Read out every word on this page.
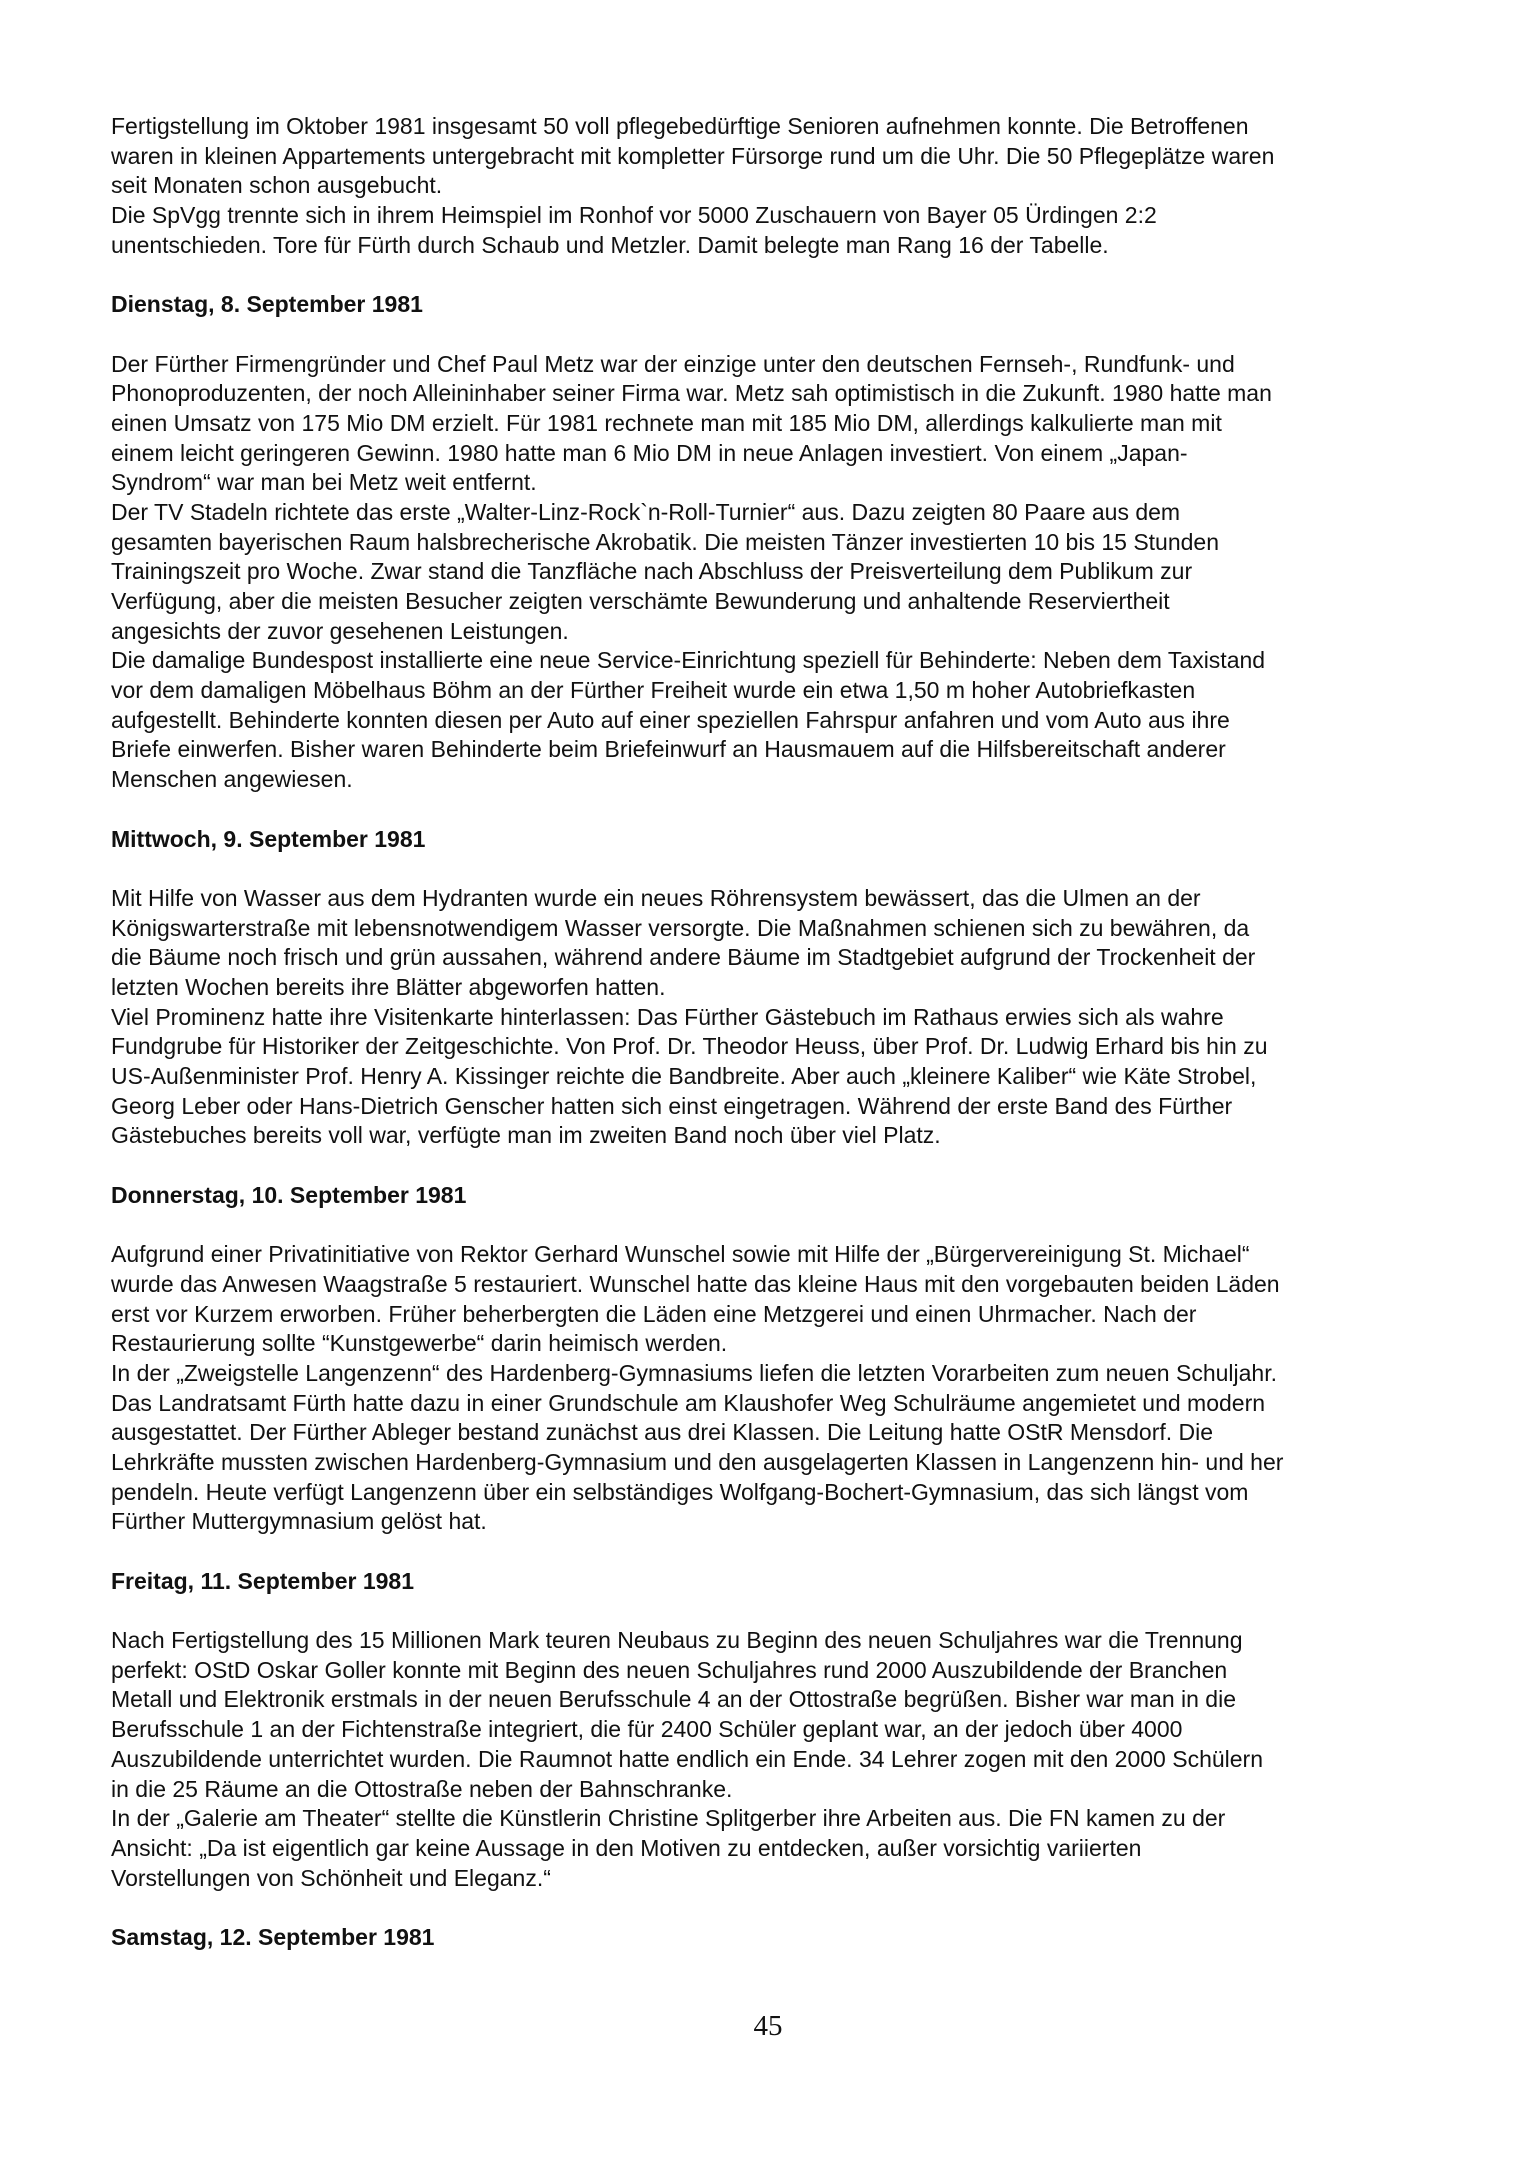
Fertigstellung im Oktober 1981 insgesamt 50 voll pflegebedürftige Senioren aufnehmen konnte. Die Betroffenen
waren in kleinen Appartements untergebracht mit kompletter Fürsorge rund um die Uhr. Die 50 Pflegeplätze waren
seit Monaten schon ausgebucht.
Die SpVgg trennte sich in ihrem Heimspiel im Ronhof vor 5000 Zuschauern von Bayer 05 Ürdingen 2:2
unentschieden. Tore für Fürth durch Schaub und Metzler. Damit belegte man Rang 16 der Tabelle.
Dienstag, 8. September 1981
Der Fürther Firmengründer und Chef Paul Metz war der einzige unter den deutschen Fernseh-, Rundfunk- und
Phonoproduzenten, der noch Alleininhaber seiner Firma war. Metz sah optimistisch in die Zukunft. 1980 hatte man
einen Umsatz von 175 Mio DM erzielt. Für 1981 rechnete man mit 185 Mio DM, allerdings kalkulierte man mit
einem leicht geringeren Gewinn. 1980 hatte man 6 Mio DM in neue Anlagen investiert. Von einem „Japan-
Syndrom“ war man bei Metz weit entfernt.
Der TV Stadeln richtete das erste „Walter-Linz-Rock`n-Roll-Turnier“ aus. Dazu zeigten 80 Paare aus dem
gesamten bayerischen Raum halsbrecherische Akrobatik. Die meisten Tänzer investierten 10 bis 15 Stunden
Trainingszeit pro Woche. Zwar stand die Tanzfläche nach Abschluss der Preisverteilung dem Publikum zur
Verfügung, aber die meisten Besucher zeigten verschämte Bewunderung und anhaltende Reserviertheit
angesichts der zuvor gesehenen Leistungen.
Die damalige Bundespost installierte eine neue Service-Einrichtung speziell für Behinderte: Neben dem Taxistand
vor dem damaligen Möbelhaus Böhm an der Fürther Freiheit wurde ein etwa 1,50 m hoher Autobriefkasten
aufgestellt. Behinderte konnten diesen per Auto auf einer speziellen Fahrspur anfahren und vom Auto aus ihre
Briefe einwerfen. Bisher waren Behinderte beim Briefeinwurf an Hausmauem auf die Hilfsbereitschaft anderer
Menschen angewiesen.
Mittwoch, 9. September 1981
Mit Hilfe von Wasser aus dem Hydranten wurde ein neues Röhrensystem bewässert, das die Ulmen an der
Königswarterstraße mit lebensnotwendigem Wasser versorgte. Die Maßnahmen schienen sich zu bewähren, da
die Bäume noch frisch und grün aussahen, während andere Bäume im Stadtgebiet aufgrund der Trockenheit der
letzten Wochen bereits ihre Blätter abgeworfen hatten.
Viel Prominenz hatte ihre Visitenkarte hinterlassen: Das Fürther Gästebuch im Rathaus erwies sich als wahre
Fundgrube für Historiker der Zeitgeschichte. Von Prof. Dr. Theodor Heuss, über Prof. Dr. Ludwig Erhard bis hin zu
US-Außenminister Prof. Henry A. Kissinger reichte die Bandbreite. Aber auch „kleinere Kaliber“ wie Käte Strobel,
Georg Leber oder Hans-Dietrich Genscher hatten sich einst eingetragen. Während der erste Band des Fürther
Gästebuches bereits voll war, verfügte man im zweiten Band noch über viel Platz.
Donnerstag, 10. September 1981
Aufgrund einer Privatinitiative von Rektor Gerhard Wunschel sowie mit Hilfe der „Bürgervereinigung St. Michael“
wurde das Anwesen Waagstraße 5 restauriert. Wunschel hatte das kleine Haus mit den vorgebauten beiden Läden
erst vor Kurzem erworben. Früher beherbergten die Läden eine Metzgerei und einen Uhrmacher. Nach der
Restaurierung sollte “Kunstgewerbe“ darin heimisch werden.
In der „Zweigstelle Langenzenn“ des Hardenberg-Gymnasiums liefen die letzten Vorarbeiten zum neuen Schuljahr.
Das Landratsamt Fürth hatte dazu in einer Grundschule am Klaushofer Weg Schulräume angemietet und modern
ausgestattet. Der Fürther Ableger bestand zunächst aus drei Klassen. Die Leitung hatte OStR Mensdorf. Die
Lehrkräfte mussten zwischen Hardenberg-Gymnasium und den ausgelagerten Klassen in Langenzenn hin- und her
pendeln. Heute verfügt Langenzenn über ein selbständiges Wolfgang-Bochert-Gymnasium, das sich längst vom
Fürther Muttergymnasium gelöst hat.
Freitag, 11. September 1981
Nach Fertigstellung des 15 Millionen Mark teuren Neubaus zu Beginn des neuen Schuljahres war die Trennung
perfekt: OStD Oskar Goller konnte mit Beginn des neuen Schuljahres rund 2000 Auszubildende der Branchen
Metall und Elektronik erstmals in der neuen Berufsschule 4 an der Ottostraße begrüßen. Bisher war man in die
Berufsschule 1 an der Fichtenstraße integriert, die für 2400 Schüler geplant war, an der jedoch über 4000
Auszubildende unterrichtet wurden. Die Raumnot hatte endlich ein Ende. 34 Lehrer zogen mit den 2000 Schülern
in die 25 Räume an die Ottostraße neben der Bahnschranke.
In der „Galerie am Theater“ stellte die Künstlerin Christine Splitgerber ihre Arbeiten aus. Die FN kamen zu der
Ansicht: „Da ist eigentlich gar keine Aussage in den Motiven zu entdecken, außer vorsichtig variierten
Vorstellungen von Schönheit und Eleganz.“
Samstag, 12. September 1981
45
